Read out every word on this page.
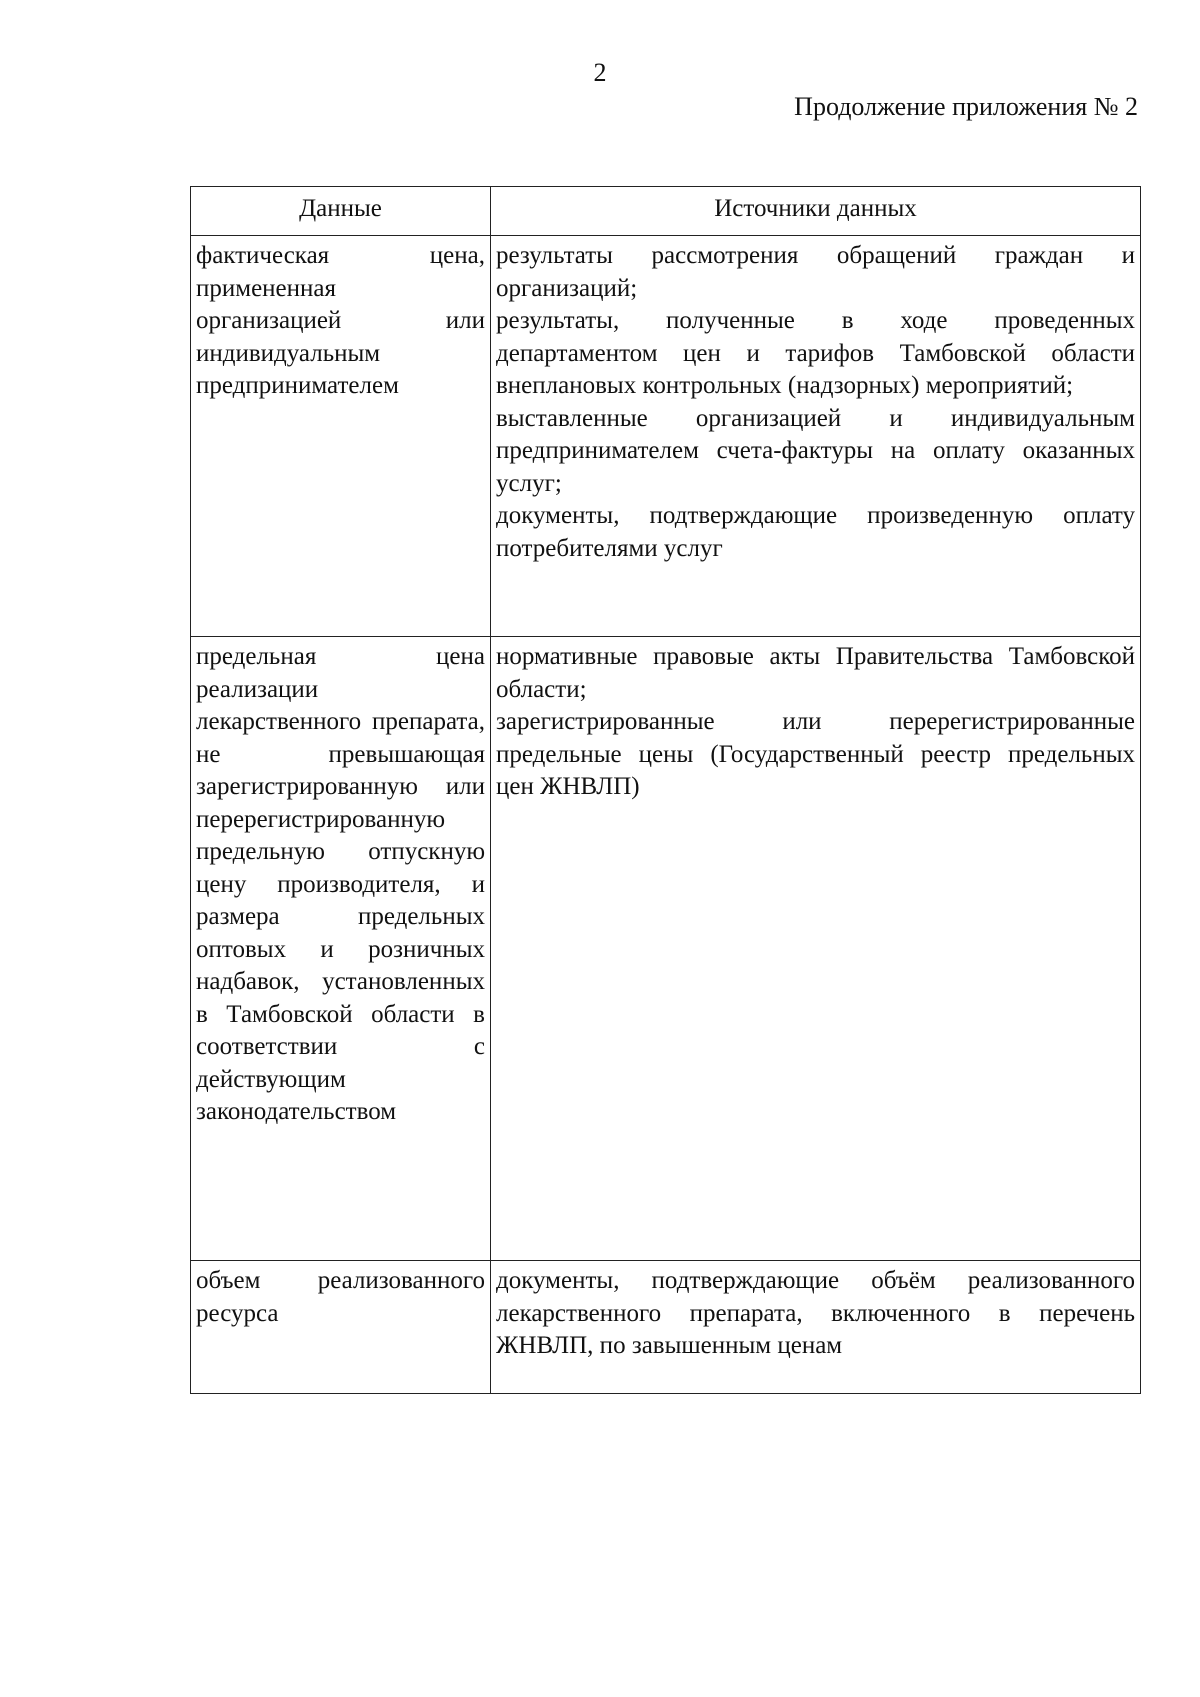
2
Продолжение приложения № 2
Данные	Источники данных
фактическая цена, примененная организацией или индивидуальным предпринимателем	результаты рассмотрения обращений граждан и организаций;
результаты, полученные в ходе проведенных департаментом цен и тарифов Тамбовской области внеплановых контрольных (надзорных) мероприятий;
выставленные организацией и индивидуальным предпринимателем счета-фактуры на оплату оказанных услуг;
документы, подтверждающие произведенную оплату потребителями услуг

предельная цена реализации лекарственного препарата, не превышающая зарегистрированную или перерегистрированную предельную отпускную цену производителя, и размера предельных оптовых и розничных надбавок, установленных в Тамбовской области в соответствии с действующим законодательством	нормативные правовые акты Правительства Тамбовской области;
зарегистрированные или перерегистрированные предельные цены (Государственный реестр предельных цен ЖНВЛП)

объем реализованного ресурса	документы, подтверждающие объём реализованного лекарственного препарата, включенного в перечень ЖНВЛП, по завышенным ценам
